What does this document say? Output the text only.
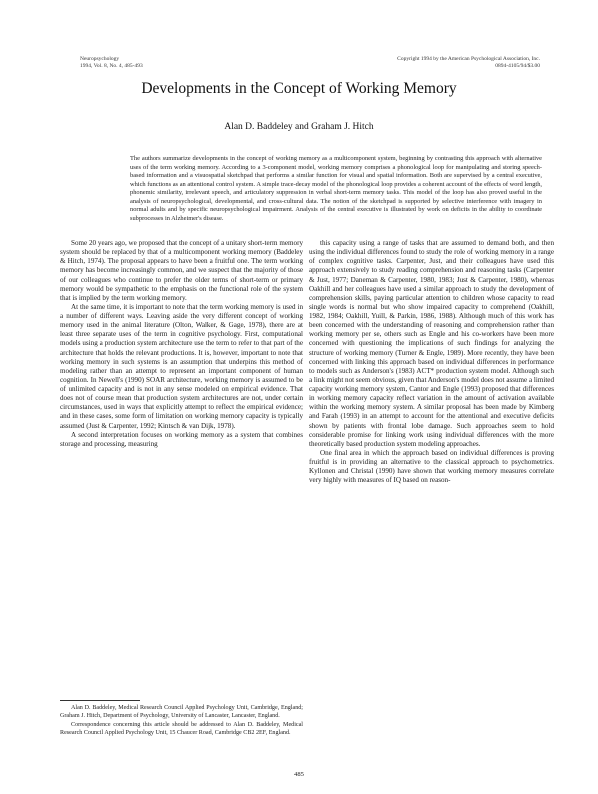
Neuropsychology
1994, Vol. 8, No. 4, 485-493
Copyright 1994 by the American Psychological Association, Inc.
0894-4105/94/$3.00
Developments in the Concept of Working Memory
Alan D. Baddeley and Graham J. Hitch

The authors summarize developments in the concept of working memory as a multicomponent system, beginning by contrasting this approach with alternative uses of the term working memory. According to a 3-component model, working memory comprises a phonological loop for manipulating and storing speech-based information and a visuospatial sketchpad that performs a similar function for visual and spatial information. Both are supervised by a central executive, which functions as an attentional control system. A simple trace-decay model of the phonological loop provides a coherent account of the effects of word length, phonemic similarity, irrelevant speech, and articulatory suppression in verbal short-term memory tasks. This model of the loop has also proved useful in the analysis of neuropsychological, developmental, and cross-cultural data. The notion of the sketchpad is supported by selective interference with imagery in normal adults and by specific neuropsychological impairment. Analysis of the central executive is illustrated by work on deficits in the ability to coordinate subprocesses in Alzheimer's disease.

Some 20 years ago, we proposed that the concept of a unitary short-term memory system should be replaced by that of a multicomponent working memory (Baddeley & Hitch, 1974). The proposal appears to have been a fruitful one. The term working memory has become increasingly common, and we suspect that the majority of those of our colleagues who continue to prefer the older terms of short-term or primary memory would be sympathetic to the emphasis on the functional role of the system that is implied by the term working memory.

At the same time, it is important to note that the term working memory is used in a number of different ways. Leaving aside the very different concept of working memory used in the animal literature (Olton, Walker, & Gage, 1978), there are at least three separate uses of the term in cognitive psychology. First, computational models using a production system architecture use the term to refer to that part of the architecture that holds the relevant productions. It is, however, important to note that working memory in such systems is an assumption that underpins this method of modeling rather than an attempt to represent an important component of human cognition. In Newell's (1990) SOAR architecture, working memory is assumed to be of unlimited capacity and is not in any sense modeled on empirical evidence. That does not of course mean that production system architectures are not, under certain circumstances, used in ways that explicitly attempt to reflect the empirical evidence; and in these cases, some form of limitation on working memory capacity is typically assumed (Just & Carpenter, 1992; Kintsch & van Dijk, 1978).

A second interpretation focuses on working memory as a system that combines storage and processing, measuring

this capacity using a range of tasks that are assumed to demand both, and then using the individual differences found to study the role of working memory in a range of complex cognitive tasks. Carpenter, Just, and their colleagues have used this approach extensively to study reading comprehension and reasoning tasks (Carpenter & Just, 1977; Daneman & Carpenter, 1980, 1983; Just & Carpenter, 1980), whereas Oakhill and her colleagues have used a similar approach to study the development of comprehension skills, paying particular attention to children whose capacity to read single words is normal but who show impaired capacity to comprehend (Oakhill, 1982, 1984; Oakhill, Yuill, & Parkin, 1986, 1988). Although much of this work has been concerned with the understanding of reasoning and comprehension rather than working memory per se, others such as Engle and his co-workers have been more concerned with questioning the implications of such findings for analyzing the structure of working memory (Turner & Engle, 1989). More recently, they have been concerned with linking this approach based on individual differences in performance to models such as Anderson's (1983) ACT* production system model. Although such a link might not seem obvious, given that Anderson's model does not assume a limited capacity working memory system, Cantor and Engle (1993) proposed that differences in working memory capacity reflect variation in the amount of activation available within the working memory system. A similar proposal has been made by Kimberg and Farah (1993) in an attempt to account for the attentional and executive deficits shown by patients with frontal lobe damage. Such approaches seem to hold considerable promise for linking work using individual differences with the more theoretically based production system modeling approaches.

One final area in which the approach based on individual differences is proving fruitful is in providing an alternative to the classical approach to psychometrics. Kyllonen and Christal (1990) have shown that working memory measures correlate very highly with measures of IQ based on reason-

Alan D. Baddeley, Medical Research Council Applied Psychology Unit, Cambridge, England; Graham J. Hitch, Department of Psychology, University of Lancaster, Lancaster, England.

Correspondence concerning this article should be addressed to Alan D. Baddeley, Medical Research Council Applied Psychology Unit, 15 Chaucer Road, Cambridge CB2 2EF, England.

485
